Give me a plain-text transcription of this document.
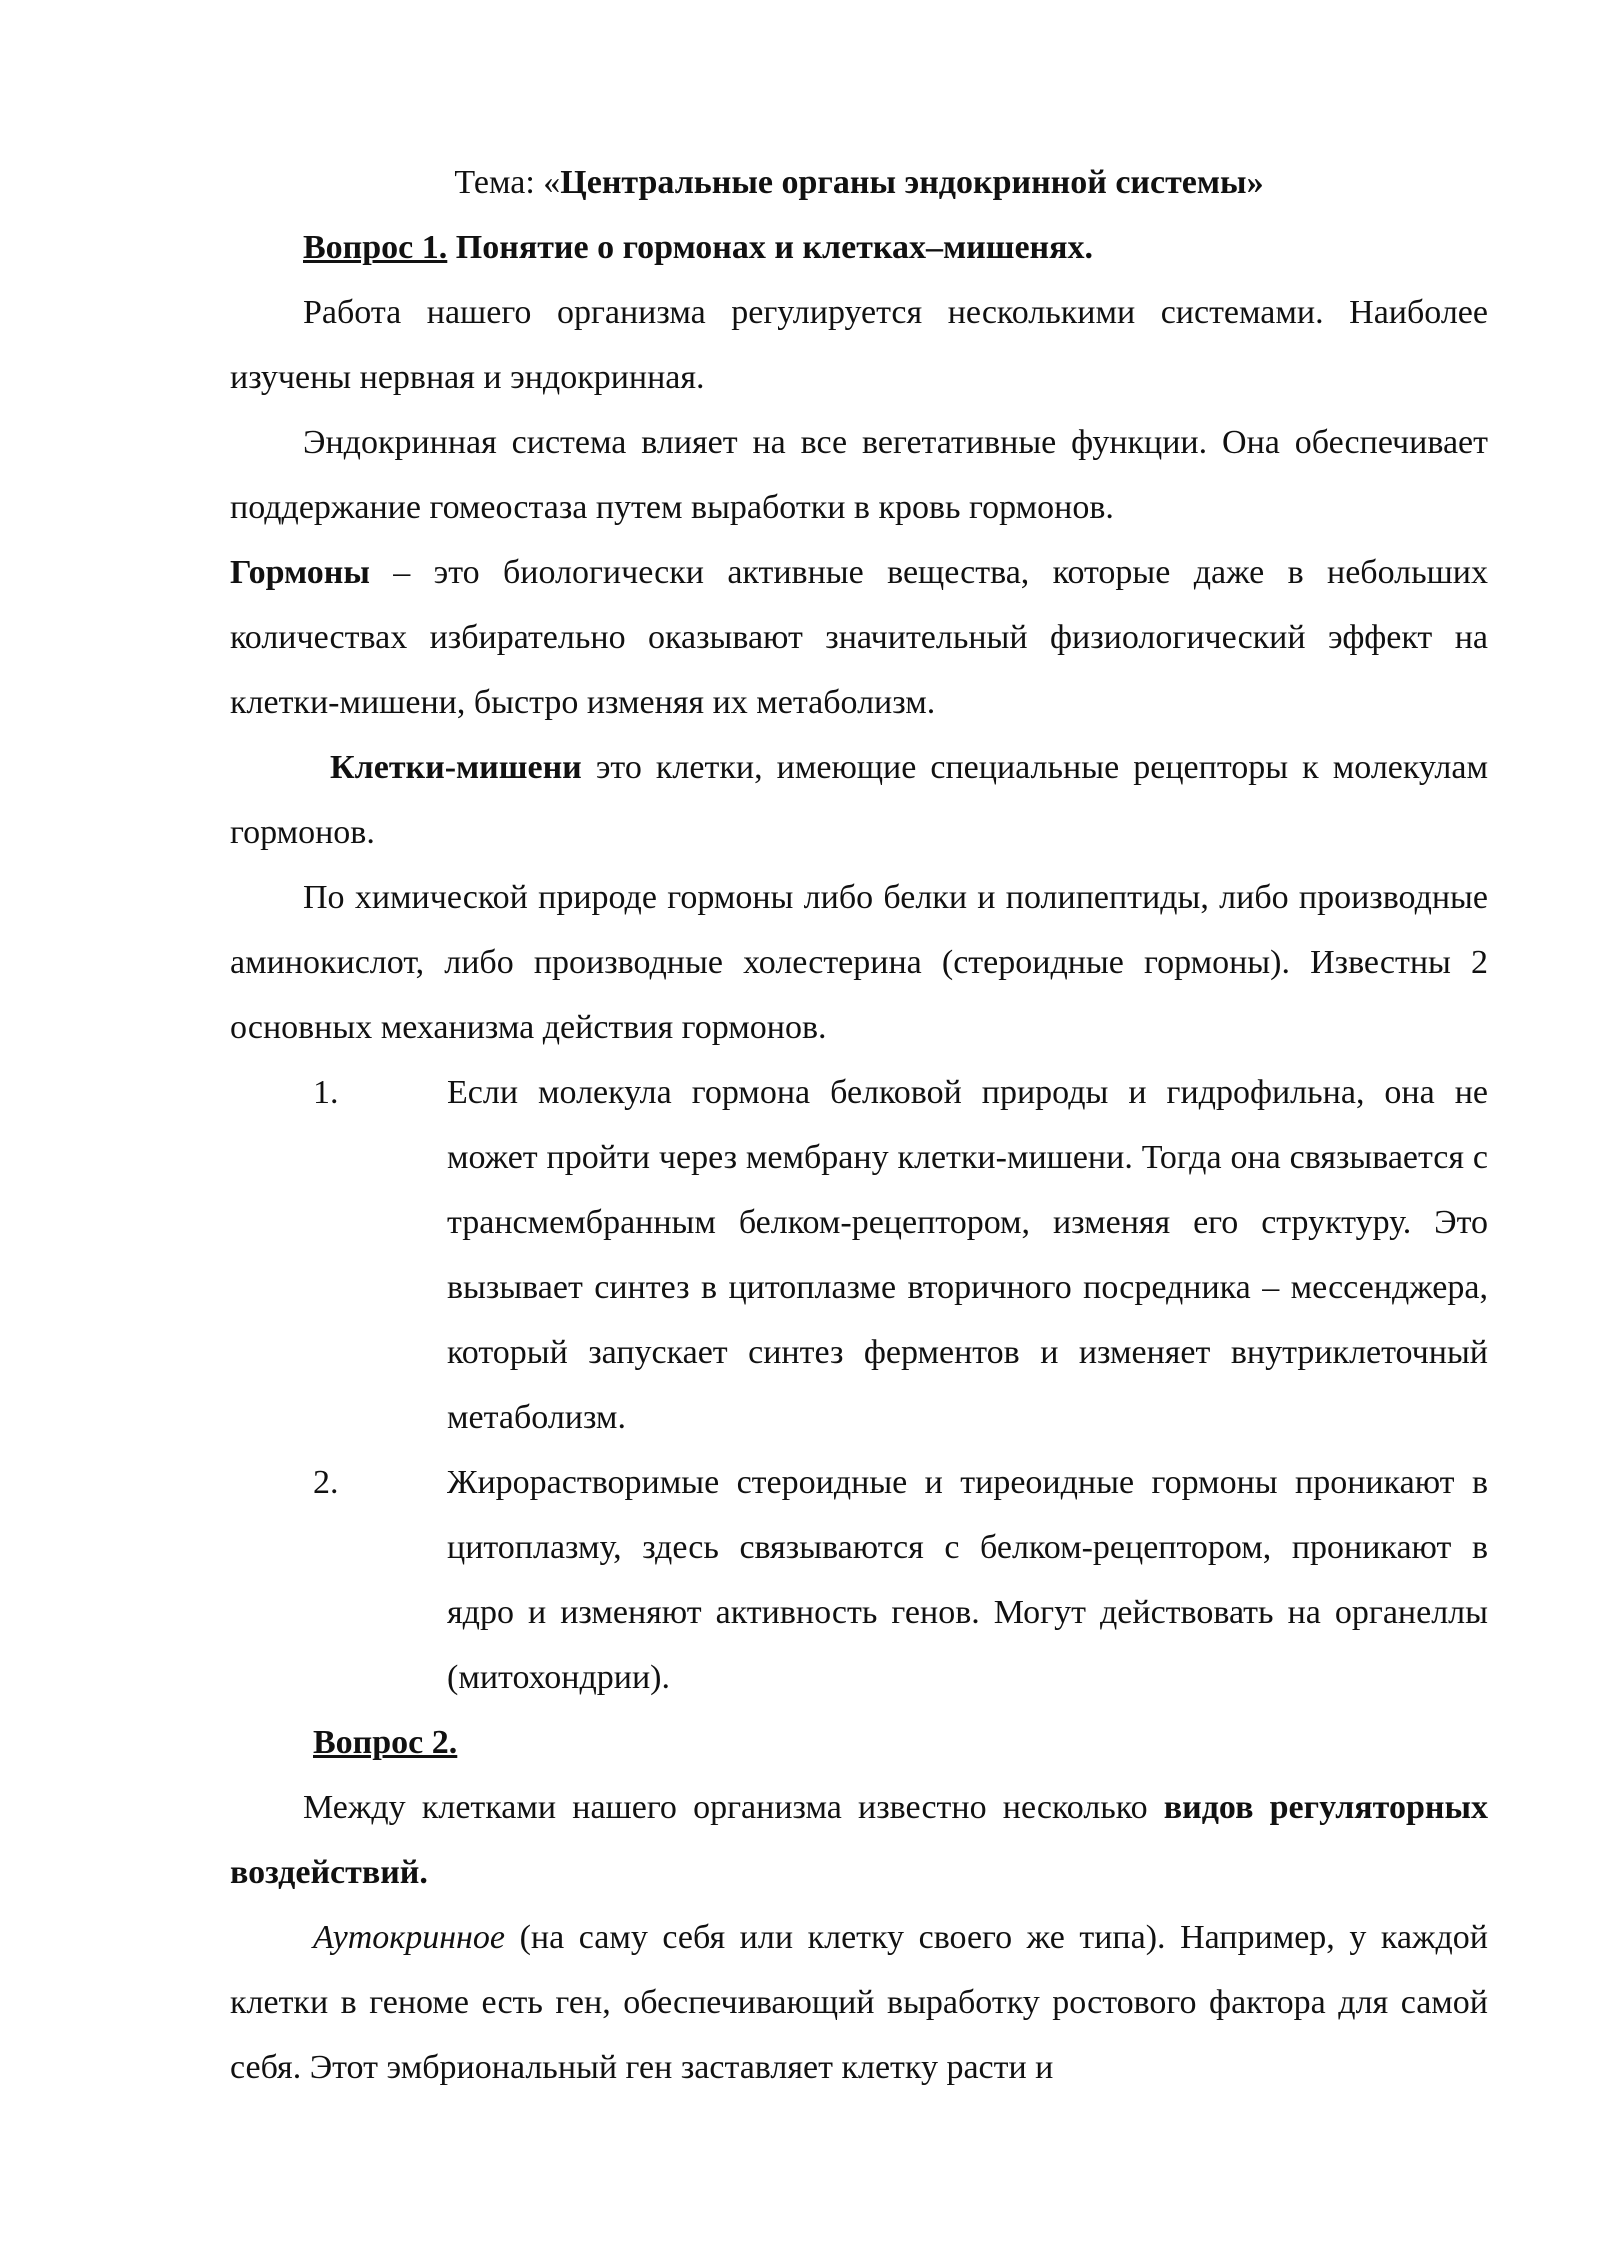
Тема: «Центральные органы эндокринной системы»

Вопрос 1. Понятие о гормонах и клетках–мишенях.

Работа нашего организма регулируется несколькими системами. Наиболее изучены нервная и эндокринная.

Эндокринная система влияет на все вегетативные функции. Она обеспечивает поддержание гомеостаза путем выработки в кровь гормонов.

Гормоны – это биологически активные вещества, которые даже в небольших количествах избирательно оказывают значительный физиологический эффект на клетки-мишени, быстро изменяя их метаболизм.

Клетки-мишени это клетки, имеющие специальные рецепторы к молекулам гормонов.

По химической природе гормоны либо белки и полипептиды, либо производные аминокислот, либо производные холестерина (стероидные гормоны). Известны 2 основных механизма действия гормонов.

1.	Если молекула гормона белковой природы и гидрофильна, она не может пройти через мембрану клетки-мишени. Тогда она связывается с трансмембранным белком-рецептором, изменяя его структуру. Это вызывает синтез в цитоплазме вторичного посредника – мессенджера, который запускает синтез ферментов и изменяет внутриклеточный метаболизм.
2.	Жирорастворимые стероидные и тиреоидные гормоны проникают в цитоплазму, здесь связываются с белком-рецептором, проникают в ядро и изменяют активность генов. Могут действовать на органеллы (митохондрии).

Вопрос 2.

Между клетками нашего организма известно несколько видов регуляторных воздействий.

Аутокринное (на саму себя или клетку своего же типа). Например, у каждой клетки в геноме есть ген, обеспечивающий выработку ростового фактора для самой себя. Этот эмбриональный ген заставляет клетку расти и
